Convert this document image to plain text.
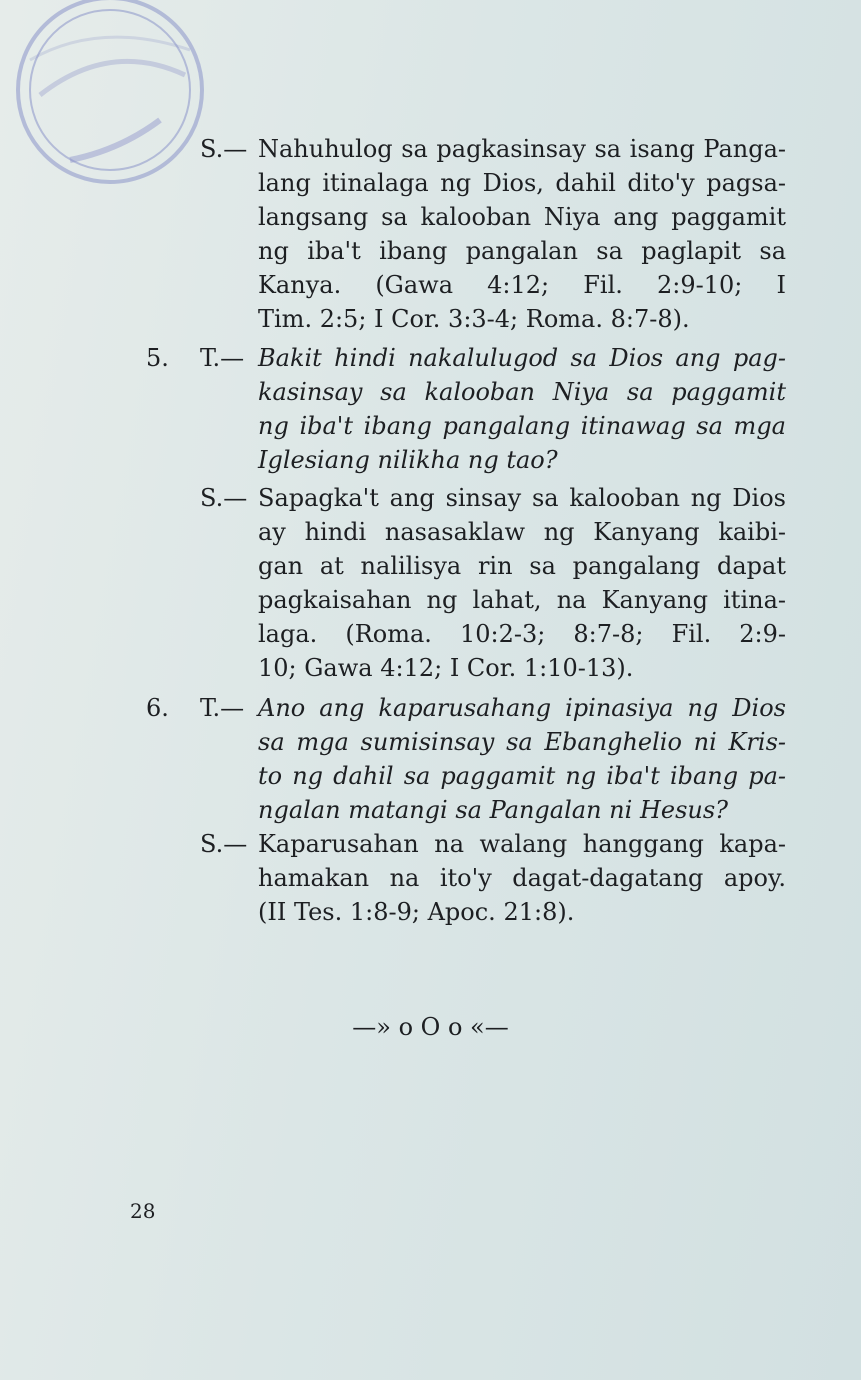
S.— Nahuhulog sa pagkasinsay sa isang Panga-
lang itinalaga ng Dios, dahil dito'y pagsa-
langsang sa kalooban Niya ang paggamit
ng iba't ibang pangalan sa paglapit sa
Kanya. (Gawa 4:12; Fil. 2:9-10; I
Tim. 2:5; I Cor. 3:3-4; Roma. 8:7-8).
5. T.— Bakit hindi nakalulugod sa Dios ang pag-
kasinsay sa kalooban Niya sa paggamit
ng iba't ibang pangalang itinawag sa mga
Iglesiang nilikha ng tao?
S.— Sapagka't ang sinsay sa kalooban ng Dios
ay hindi nasasaklaw ng Kanyang kaibi-
gan at nalilisya rin sa pangalang dapat
pagkaisahan ng lahat, na Kanyang itina-
laga. (Roma. 10:2-3; 8:7-8; Fil. 2:9-
10; Gawa 4:12; I Cor. 1:10-13).
6. T.— Ano ang kaparusahang ipinasiya ng Dios
sa mga sumisinsay sa Ebanghelio ni Kris-
to ng dahil sa paggamit ng iba't ibang pa-
ngalan matangi sa Pangalan ni Hesus?
S.— Kaparusahan na walang hanggang kapa-
hamakan na ito'y dagat-dagatang apoy.
(II Tes. 1:8-9; Apoc. 21:8).
—» o O o «—
28
